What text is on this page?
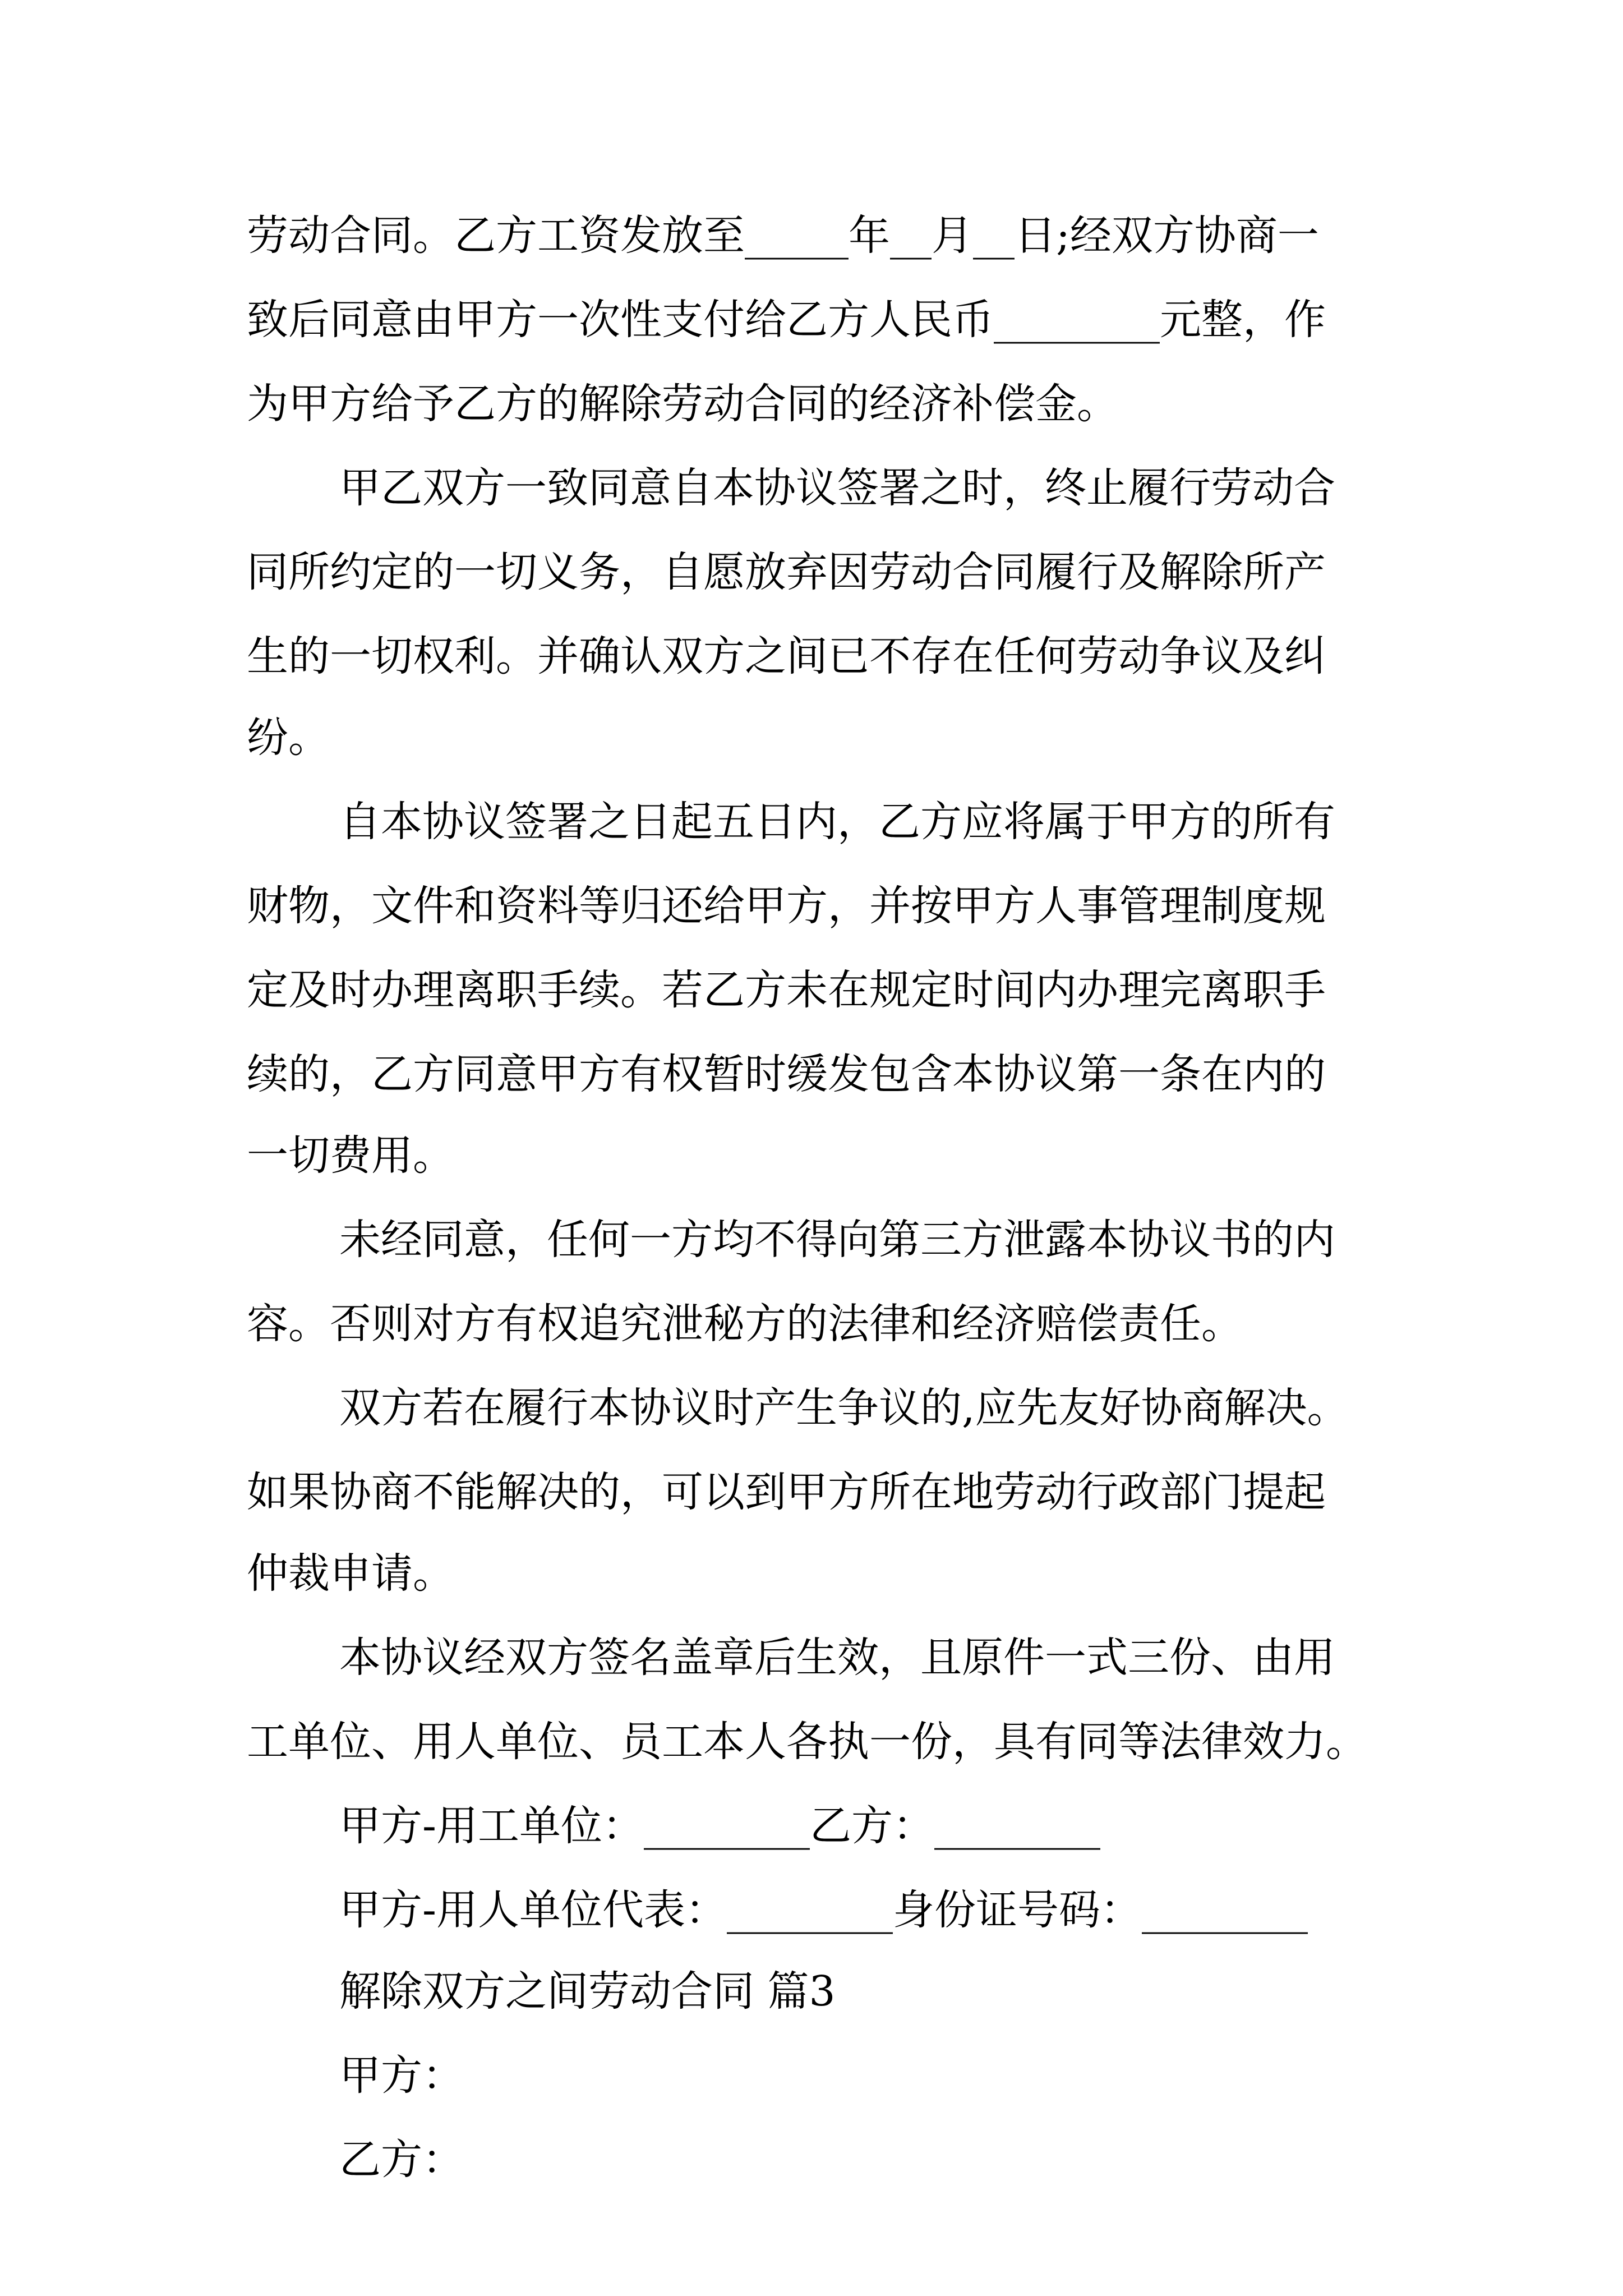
劳动合同。乙方工资发放至_____年__月__日;经双方协商一
致后同意由甲方一次性支付给乙方人民币________元整，作
为甲方给予乙方的解除劳动合同的经济补偿金。
甲乙双方一致同意自本协议签署之时，终止履行劳动合
同所约定的一切义务，自愿放弃因劳动合同履行及解除所产
生的一切权利。并确认双方之间已不存在任何劳动争议及纠
纷。
自本协议签署之日起五日内，乙方应将属于甲方的所有
财物，文件和资料等归还给甲方，并按甲方人事管理制度规
定及时办理离职手续。若乙方未在规定时间内办理完离职手
续的，乙方同意甲方有权暂时缓发包含本协议第一条在内的
一切费用。
未经同意，任何一方均不得向第三方泄露本协议书的内
容。否则对方有权追究泄秘方的法律和经济赔偿责任。
双方若在履行本协议时产生争议的,应先友好协商解决。
如果协商不能解决的，可以到甲方所在地劳动行政部门提起
仲裁申请。
本协议经双方签名盖章后生效，且原件一式三份、由用
工单位、用人单位、员工本人各执一份，具有同等法律效力。
甲方-用工单位：________乙方：________
甲方-用人单位代表：________身份证号码：________
解除双方之间劳动合同 篇3
甲方：
乙方：
